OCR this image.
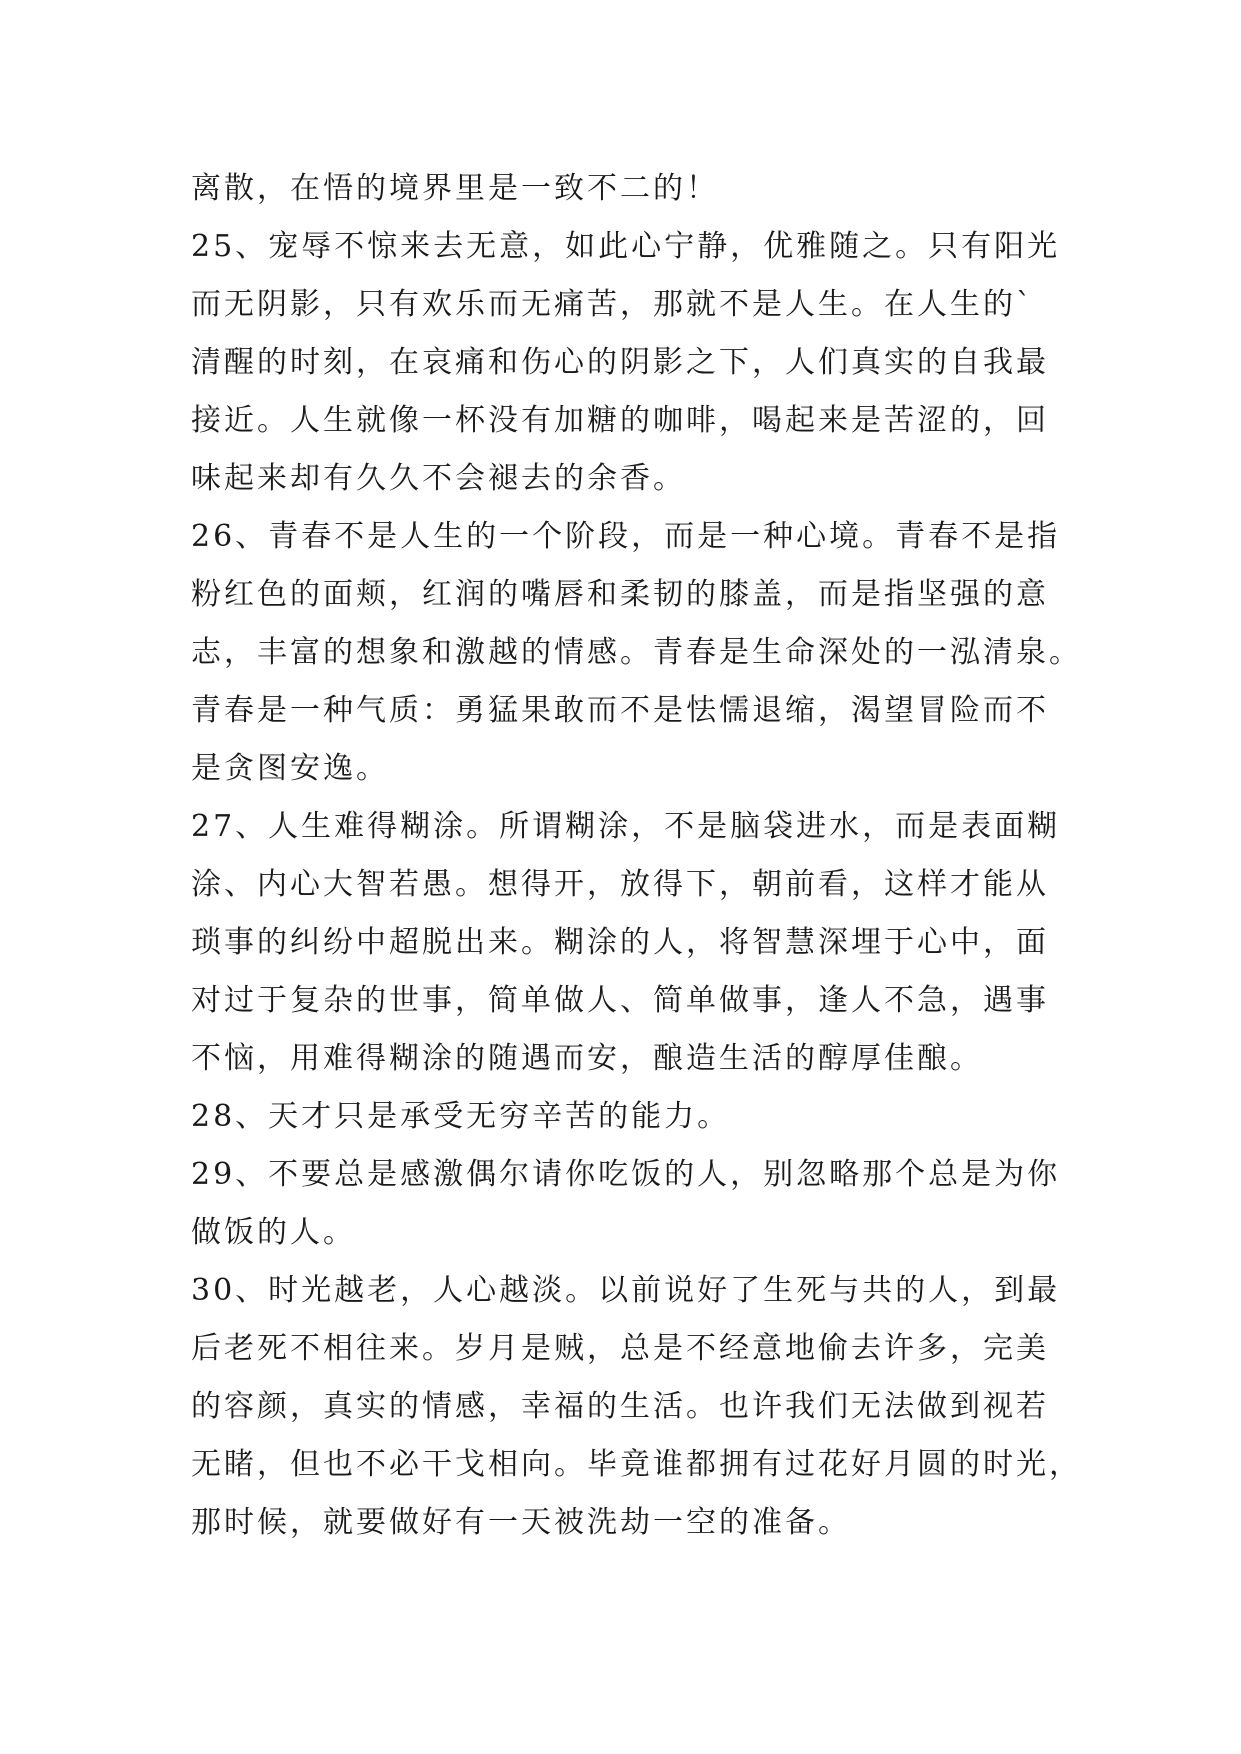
离散，在悟的境界里是一致不二的！
25、宠辱不惊来去无意，如此心宁静，优雅随之。只有阳光
而无阴影，只有欢乐而无痛苦，那就不是人生。在人生的`
清醒的时刻，在哀痛和伤心的阴影之下，人们真实的自我最
接近。人生就像一杯没有加糖的咖啡，喝起来是苦涩的，回
味起来却有久久不会褪去的余香。
26、青春不是人生的一个阶段，而是一种心境。青春不是指
粉红色的面颊，红润的嘴唇和柔韧的膝盖，而是指坚强的意
志，丰富的想象和激越的情感。青春是生命深处的一泓清泉。
青春是一种气质：勇猛果敢而不是怯懦退缩，渴望冒险而不
是贪图安逸。
27、人生难得糊涂。所谓糊涂，不是脑袋进水，而是表面糊
涂、内心大智若愚。想得开，放得下，朝前看，这样才能从
琐事的纠纷中超脱出来。糊涂的人，将智慧深埋于心中，面
对过于复杂的世事，简单做人、简单做事，逢人不急，遇事
不恼，用难得糊涂的随遇而安，酿造生活的醇厚佳酿。
28、天才只是承受无穷辛苦的能力。
29、不要总是感激偶尔请你吃饭的人，别忽略那个总是为你
做饭的人。
30、时光越老，人心越淡。以前说好了生死与共的人，到最
后老死不相往来。岁月是贼，总是不经意地偷去许多，完美
的容颜，真实的情感，幸福的生活。也许我们无法做到视若
无睹，但也不必干戈相向。毕竟谁都拥有过花好月圆的时光，
那时候，就要做好有一天被洗劫一空的准备。
